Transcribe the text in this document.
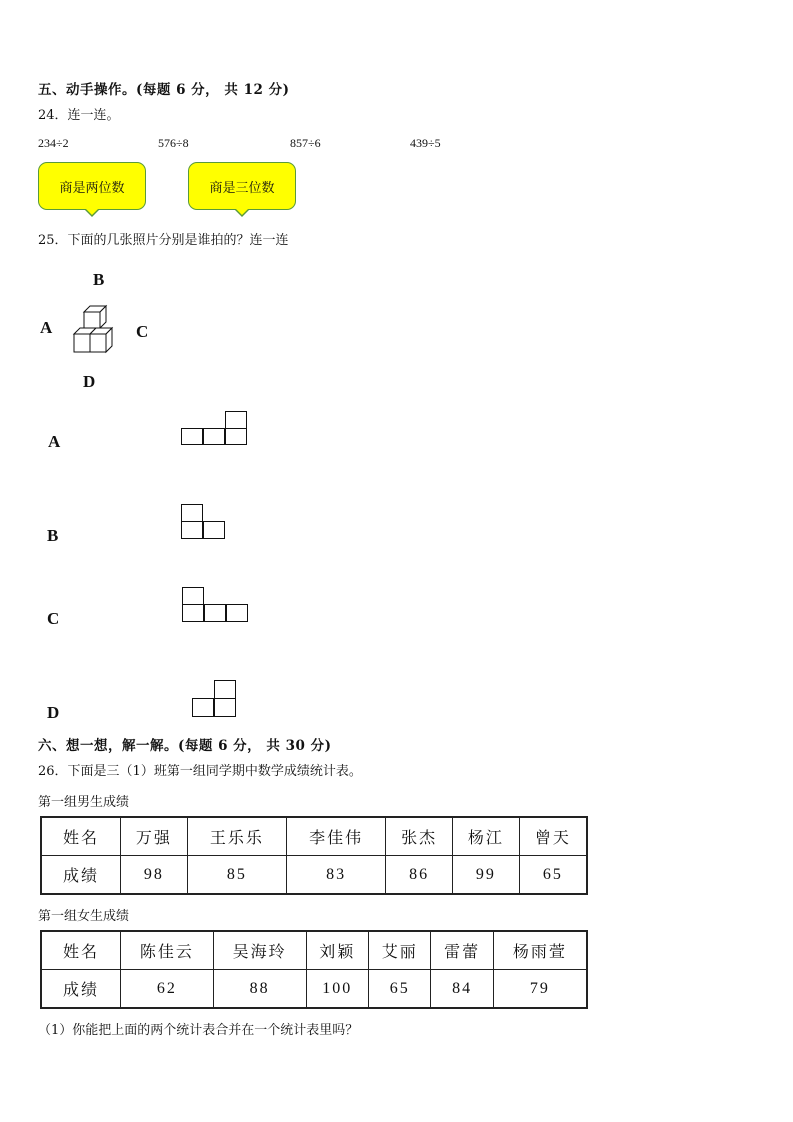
五、动手操作。(每题 6 分， 共 12 分)
24．连一连。
234÷2	576÷8	857÷6	439÷5
商是两位数	商是三位数
25．下面的几张照片分别是谁拍的？连一连
B
A	C
D
A
B
C
D
六、想一想，解一解。(每题 6 分， 共 30 分)
26．下面是三（1）班第一组同学期中数学成绩统计表。
第一组男生成绩
姓名	万强	王乐乐	李佳伟	张杰	杨江	曾天
成绩	98	85	83	86	99	65
第一组女生成绩
姓名	陈佳云	吴海玲	刘颖	艾丽	雷蕾	杨雨萱
成绩	62	88	100	65	84	79
（1）你能把上面的两个统计表合并在一个统计表里吗？
